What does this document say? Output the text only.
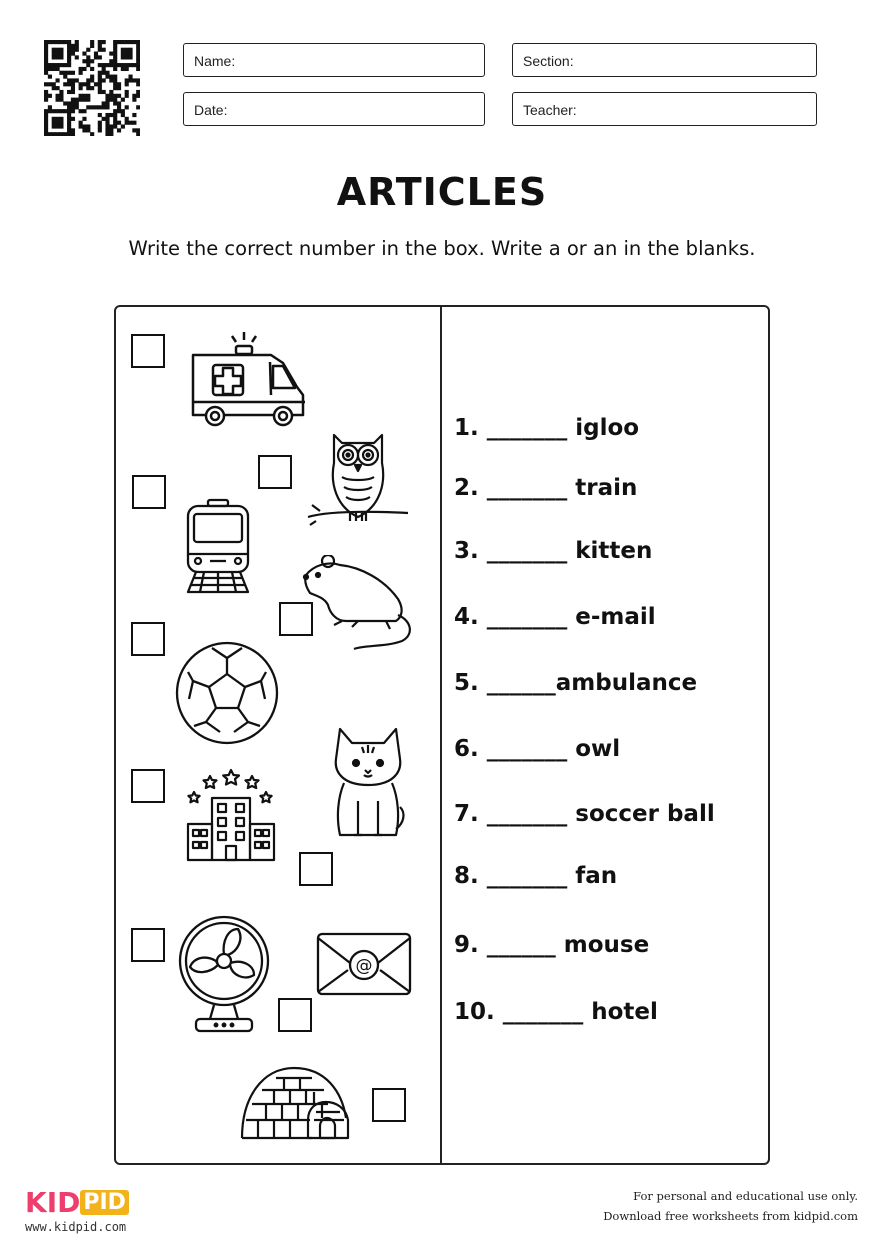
Name:	Section:
Date:	Teacher:
ARTICLES
Write the correct number in the box. Write a or an in the blanks.
@
1. _______ igloo
2. _______ train
3. _______ kitten
4. _______ e-mail
5. ______ambulance
6. _______ owl
7. _______ soccer ball
8. _______ fan
9. ______ mouse
10. _______ hotel
KID PID
www.kidpid.com
For personal and educational use only.
Download free worksheets from kidpid.com
